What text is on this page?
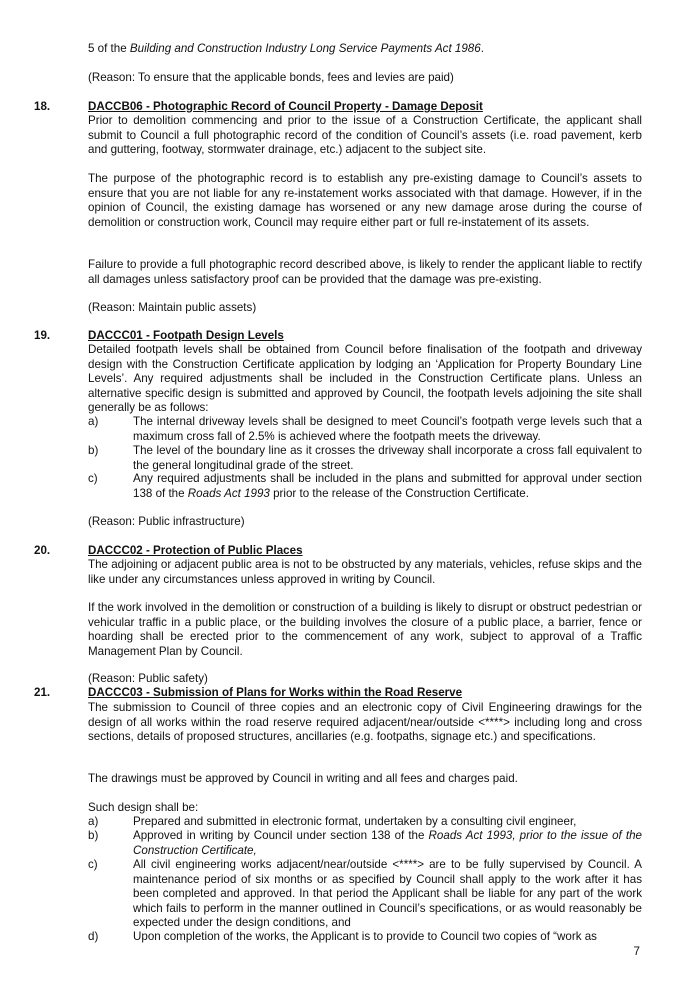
5 of the Building and Construction Industry Long Service Payments Act 1986.

(Reason: To ensure that the applicable bonds, fees and levies are paid)

18.	DACCB06 - Photographic Record of Council Property - Damage Deposit

Prior to demolition commencing and prior to the issue of a Construction Certificate, the applicant shall submit to Council a full photographic record of the condition of Council’s assets (i.e. road pavement, kerb and guttering, footway, stormwater drainage, etc.) adjacent to the subject site.

The purpose of the photographic record is to establish any pre-existing damage to Council’s assets to ensure that you are not liable for any re-instatement works associated with that damage. However, if in the opinion of Council, the existing damage has worsened or any new damage arose during the course of demolition or construction work, Council may require either part or full re-instatement of its assets.

Failure to provide a full photographic record described above, is likely to render the applicant liable to rectify all damages unless satisfactory proof can be provided that the damage was pre-existing.

(Reason: Maintain public assets)

19.	DACCC01 - Footpath Design Levels

Detailed footpath levels shall be obtained from Council before finalisation of the footpath and driveway design with the Construction Certificate application by lodging an ‘Application for Property Boundary Line Levels’. Any required adjustments shall be included in the Construction Certificate plans. Unless an alternative specific design is submitted and approved by Council, the footpath levels adjoining the site shall generally be as follows:

a)	The internal driveway levels shall be designed to meet Council’s footpath verge levels such that a maximum cross fall of 2.5% is achieved where the footpath meets the driveway.
b)	The level of the boundary line as it crosses the driveway shall incorporate a cross fall equivalent to the general longitudinal grade of the street.
c)	Any required adjustments shall be included in the plans and submitted for approval under section 138 of the Roads Act 1993 prior to the release of the Construction Certificate.

(Reason: Public infrastructure)

20.	DACCC02 - Protection of Public Places

The adjoining or adjacent public area is not to be obstructed by any materials, vehicles, refuse skips and the like under any circumstances unless approved in writing by Council.

If the work involved in the demolition or construction of a building is likely to disrupt or obstruct pedestrian or vehicular traffic in a public place, or the building involves the closure of a public place, a barrier, fence or hoarding shall be erected prior to the commencement of any work, subject to approval of a Traffic Management Plan by Council.

(Reason: Public safety)

21.	DACCC03 - Submission of Plans for Works within the Road Reserve

The submission to Council of three copies and an electronic copy of Civil Engineering drawings for the design of all works within the road reserve required adjacent/near/outside <****> including long and cross sections, details of proposed structures, ancillaries (e.g. footpaths, signage etc.) and specifications.

The drawings must be approved by Council in writing and all fees and charges paid.

Such design shall be:

a)	Prepared and submitted in electronic format, undertaken by a consulting civil engineer,
b)	Approved in writing by Council under section 138 of the Roads Act 1993, prior to the issue of the Construction Certificate,
c)	All civil engineering works adjacent/near/outside <****> are to be fully supervised by Council. A maintenance period of six months or as specified by Council shall apply to the work after it has been completed and approved. In that period the Applicant shall be liable for any part of the work which fails to perform in the manner outlined in Council’s specifications, or as would reasonably be expected under the design conditions, and
d)	Upon completion of the works, the Applicant is to provide to Council two copies of “work as
7
